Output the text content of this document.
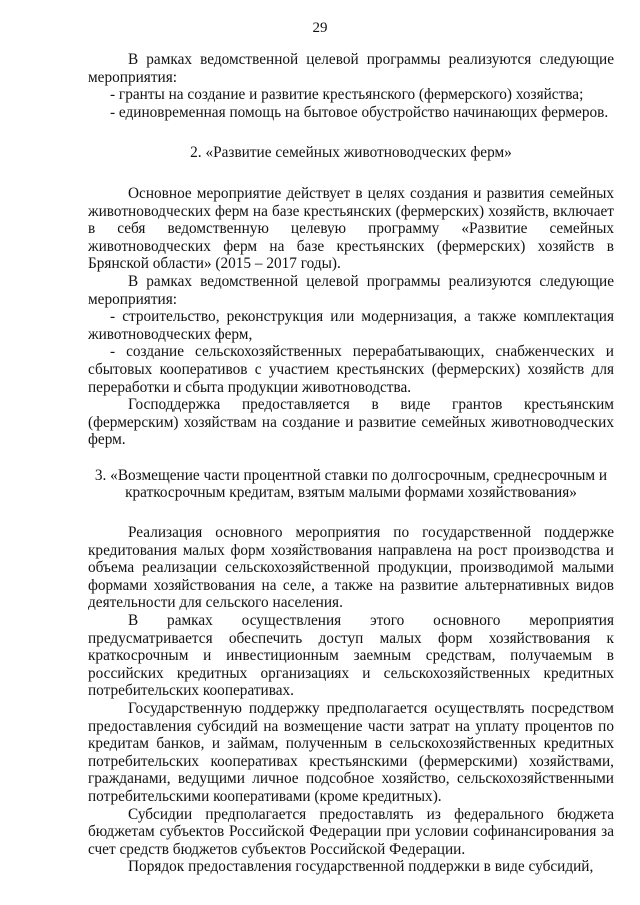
29

В рамках ведомственной целевой программы реализуются следующие мероприятия:

- гранты на создание и развитие крестьянского (фермерского) хозяйства;

- единовременная помощь на бытовое обустройство начинающих фермеров.

2. «Развитие семейных животноводческих ферм»

Основное мероприятие действует в целях создания и развития семейных животноводческих ферм на базе крестьянских (фермерских) хозяйств, включает в себя ведомственную целевую программу «Развитие семейных животноводческих ферм на базе крестьянских (фермерских) хозяйств в Брянской области» (2015 – 2017 годы).

В рамках ведомственной целевой программы реализуются следующие мероприятия:

- строительство, реконструкция или модернизация, а также комплектация животноводческих ферм,

- создание сельскохозяйственных перерабатывающих, снабженческих и сбытовых кооперативов с участием крестьянских (фермерских) хозяйств для переработки и сбыта продукции животноводства.

Господдержка предоставляется в виде грантов крестьянским (фермерским) хозяйствам на создание и развитие семейных животноводческих ферм.

3. «Возмещение части процентной ставки по долгосрочным, среднесрочным и
краткосрочным кредитам, взятым малыми формами хозяйствования»

Реализация основного мероприятия по государственной поддержке кредитования малых форм хозяйствования направлена на рост производства и объема реализации сельскохозяйственной продукции, производимой малыми формами хозяйствования на селе, а также на развитие альтернативных видов деятельности для сельского населения.

В рамках осуществления этого основного мероприятия предусматривается обеспечить доступ малых форм хозяйствования к краткосрочным и инвестиционным заемным средствам, получаемым в российских кредитных организациях и сельскохозяйственных кредитных потребительских кооперативах.

Государственную поддержку предполагается осуществлять посредством предоставления субсидий на возмещение части затрат на уплату процентов по кредитам банков, и займам, полученным в сельскохозяйственных кредитных потребительских кооперативах крестьянскими (фермерскими) хозяйствами, гражданами, ведущими личное подсобное хозяйство, сельскохозяйственными потребительскими кооперативами (кроме кредитных).

Субсидии предполагается предоставлять из федерального бюджета бюджетам субъектов Российской Федерации при условии софинансирования за счет средств бюджетов субъектов Российской Федерации.

Порядок предоставления государственной поддержки в виде субсидий,
